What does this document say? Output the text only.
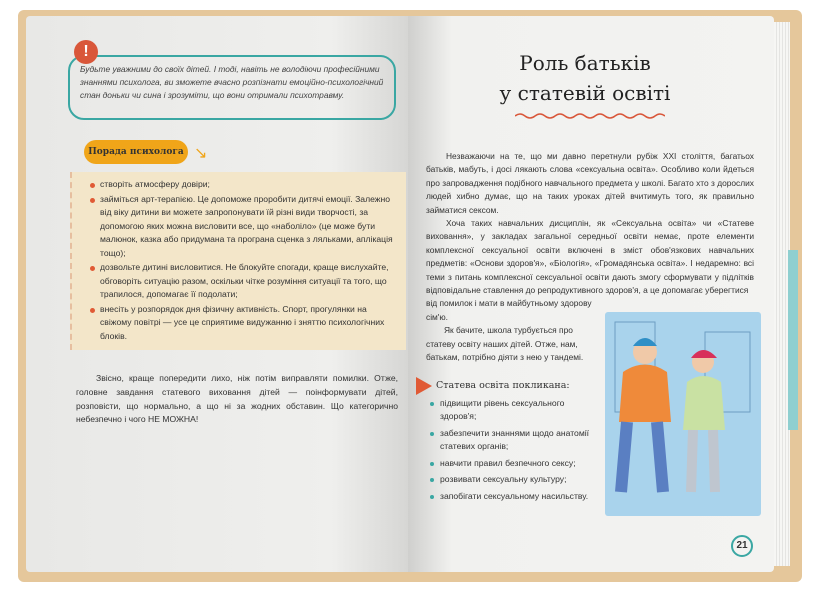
Будьте уважними до своїх дітей. І тоді, навіть не володіючи професійними знаннями психолога, ви зможете вчасно розпізнати емоційно-психологічний стан доньки чи сина і зрозуміти, що вони отримали психотравму.
Порада психолога ↘
створіть атмосферу довіри;
займіться арт-терапією. Це допоможе проробити дитячі емоції. Залежно від віку дитини ви можете запропонувати їй різні види творчості, за допомогою яких можна висловити все, що «наболіло» (це може бути малюнок, казка або придумана та програна сценка з ляльками, аплікація тощо);
дозвольте дитині висловитися. Не блокуйте спогади, краще вислухайте, обговоріть ситуацію разом, оскільки чітке розуміння ситуації та того, що трапилося, допомагає її подолати;
внесіть у розпорядок дня фізичну активність. Спорт, прогулянки на свіжому повітрі — усе це сприятиме видужанню і зняттю психологічних блоків.

Звісно, краще попередити лихо, ніж потім виправляти помилки. Отже, головне завдання статевого виховання дітей — поінформувати дітей, розповісти, що нормально, а що ні за жодних обставин. Що категорично небезпечно і чого НЕ МОЖНА!

!	Роль батьків
у статевій освіті

Незважаючи на те, що ми давно перетнули рубіж XXI століття, багатьох батьків, мабуть, і досі лякають слова «сексуальна освіта». Особливо коли йдеться про запровадження подібного навчального предмета у школі. Багато хто з дорослих людей хибно думає, що на таких уроках дітей вчитимуть того, як правильно займатися сексом.

Хоча таких навчальних дисциплін, як «Сексуальна освіта» чи «Статеве виховання», у закладах загальної середньої освіти немає, проте елементи комплексної сексуальної освіти включені в зміст обов'язкових навчальних предметів: «Основи здоров'я», «Біологія», «Громадянська освіта». І недаремно: всі теми з питань комплексної сексуальної освіти дають змогу сформувати у підлітків відповідальне ставлення до репродуктивного здоров'я, а це допомагає уберегтися

від помилок і мати в майбутньому здорову сім'ю.

Як бачите, школа турбується про статеву освіту наших дітей. Отже, нам, батькам, потрібно діяти з нею у тандемі.

Статева освіта покликана:
підвищити рівень сексуального здоров'я;
забезпечити знаннями щодо анатомії статевих органів;
навчити правил безпечного сексу;
розвивати сексуальну культуру;
запобігати сексуальному насильству.
21
